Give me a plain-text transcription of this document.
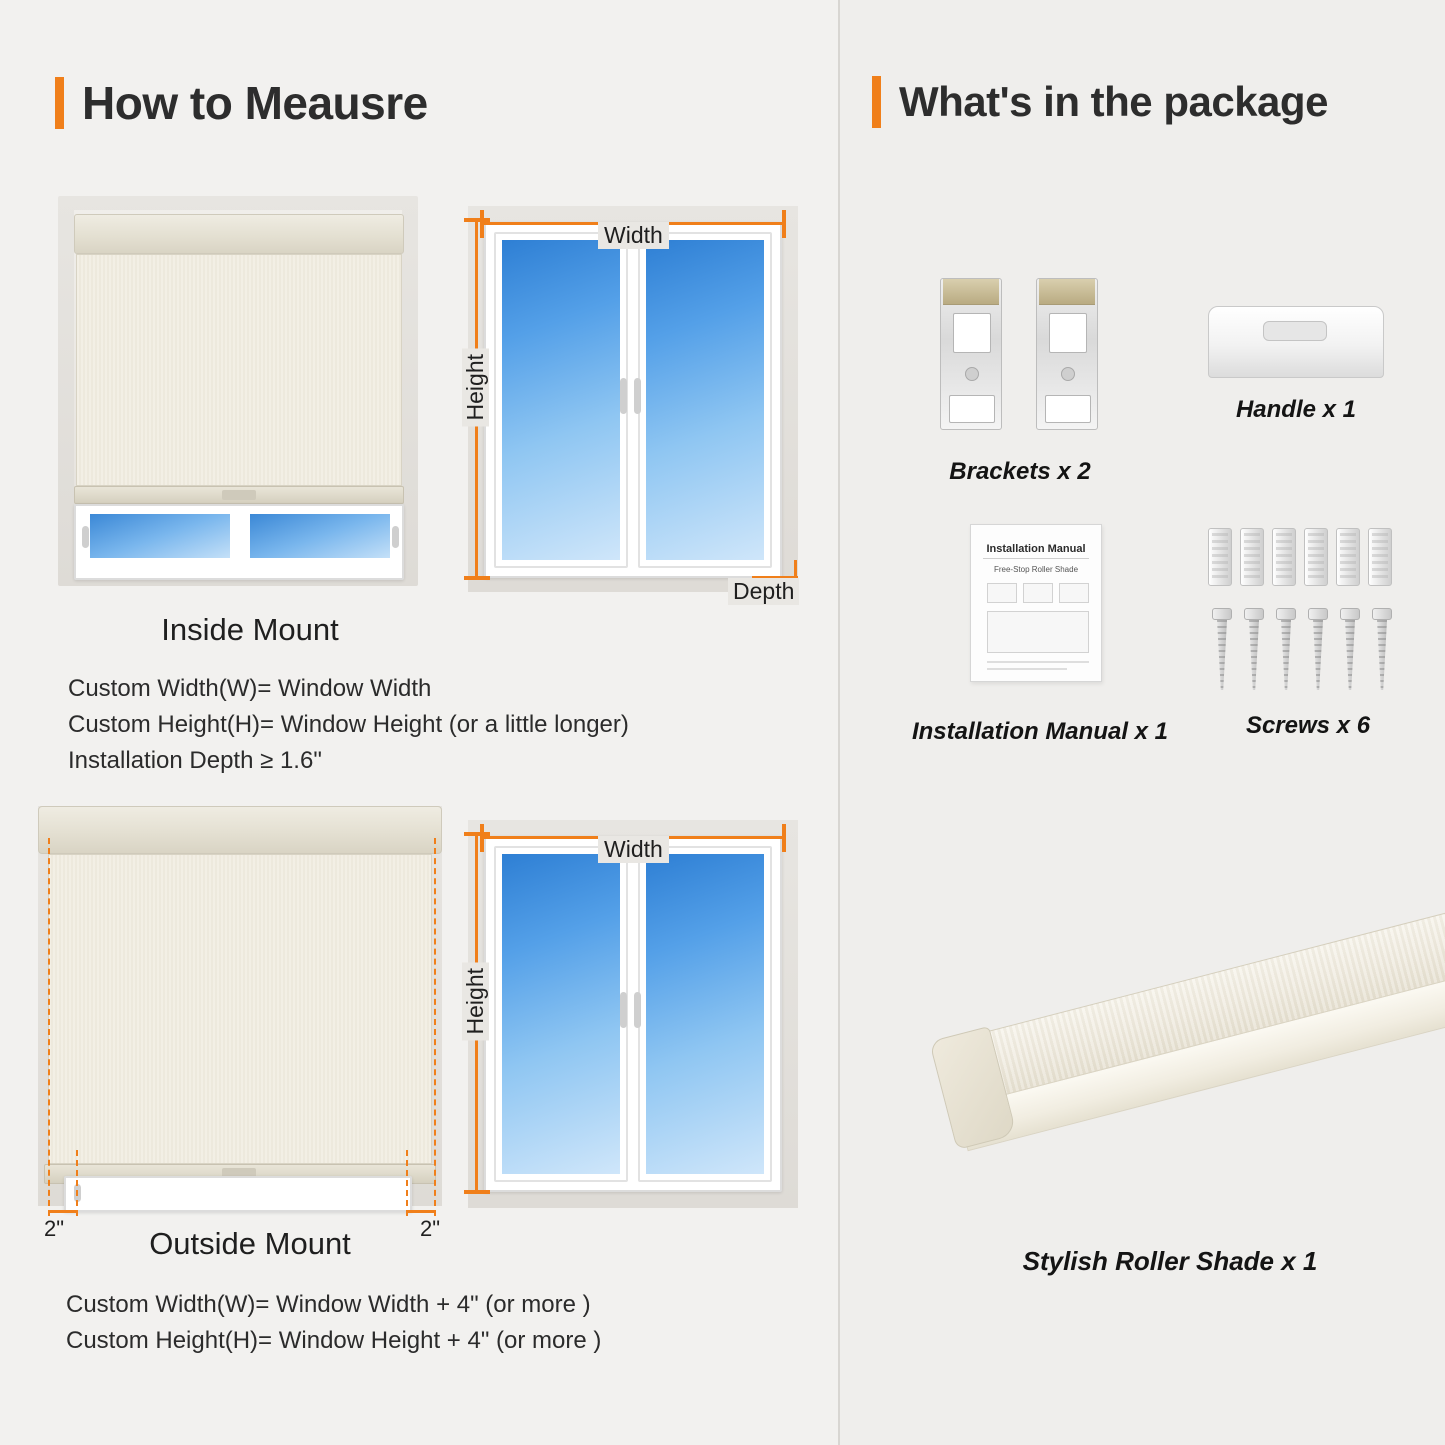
How to Meausre
Width
Height
Depth
Inside Mount
Custom Width(W)= Window Width
Custom Height(H)= Window Height (or a little longer)
Installation Depth ≥ 1.6"
2"	2"
Width
Height
Outside Mount
Custom Width(W)= Window Width + 4" (or more )
Custom Height(H)= Window Height + 4" (or more )
What's in the package
Brackets x 2
Handle x 1
Installation Manual
Free-Stop Roller Shade
Installation Manual x 1	Screws x 6
Stylish Roller Shade x 1
